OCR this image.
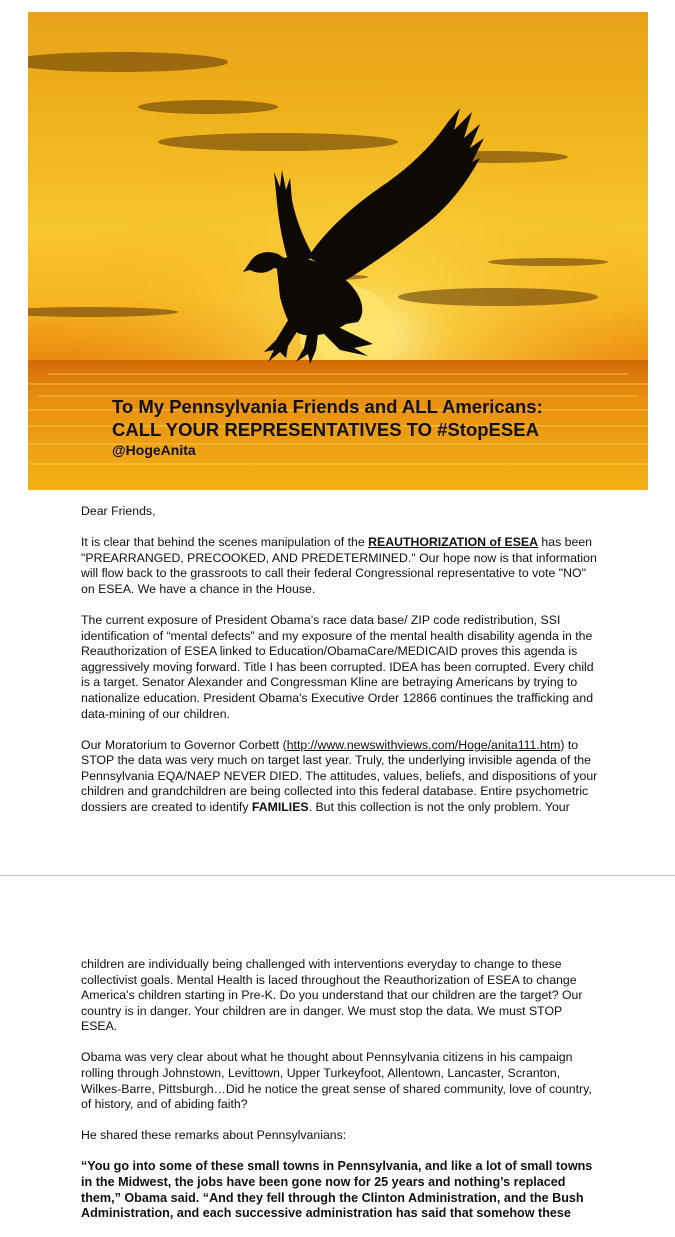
To My Pennsylvania Friends and ALL Americans:
CALL YOUR REPRESENTATIVES TO #StopESEA
@HogeAnita

Dear Friends,

It is clear that behind the scenes manipulation of the REAUTHORIZATION of ESEA has been "PREARRANGED, PRECOOKED, AND PREDETERMINED." Our hope now is that information will flow back to the grassroots to call their federal Congressional representative to vote "NO" on ESEA. We have a chance in the House.

The current exposure of President Obama’s race data base/ ZIP code redistribution, SSI identification of “mental defects” and my exposure of the mental health disability agenda in the Reauthorization of ESEA linked to Education/ObamaCare/MEDICAID proves this agenda is aggressively moving forward. Title I has been corrupted. IDEA has been corrupted. Every child is a target. Senator Alexander and Congressman Kline are betraying Americans by trying to nationalize education. President Obama's Executive Order 12866 continues the trafficking and data-mining of our children.

Our Moratorium to Governor Corbett (http://www.newswithviews.com/Hoge/anita111.htm) to STOP the data was very much on target last year. Truly, the underlying invisible agenda of the Pennsylvania EQA/NAEP NEVER DIED. The attitudes, values, beliefs, and dispositions of your children and grandchildren are being collected into this federal database. Entire psychometric dossiers are created to identify FAMILIES. But this collection is not the only problem. Your

children are individually being challenged with interventions everyday to change to these collectivist goals. Mental Health is laced throughout the Reauthorization of ESEA to change America’s children starting in Pre-K. Do you understand that our children are the target? Our country is in danger. Your children are in danger. We must stop the data. We must STOP ESEA.

Obama was very clear about what he thought about Pennsylvania citizens in his campaign rolling through Johnstown, Levittown, Upper Turkeyfoot, Allentown, Lancaster, Scranton, Wilkes-Barre, Pittsburgh…Did he notice the great sense of shared community, love of country, of history, and of abiding faith?

He shared these remarks about Pennsylvanians:

“You go into some of these small towns in Pennsylvania, and like a lot of small towns in the Midwest, the jobs have been gone now for 25 years and nothing’s replaced them,” Obama said. “And they fell through the Clinton Administration, and the Bush Administration, and each successive administration has said that somehow these
